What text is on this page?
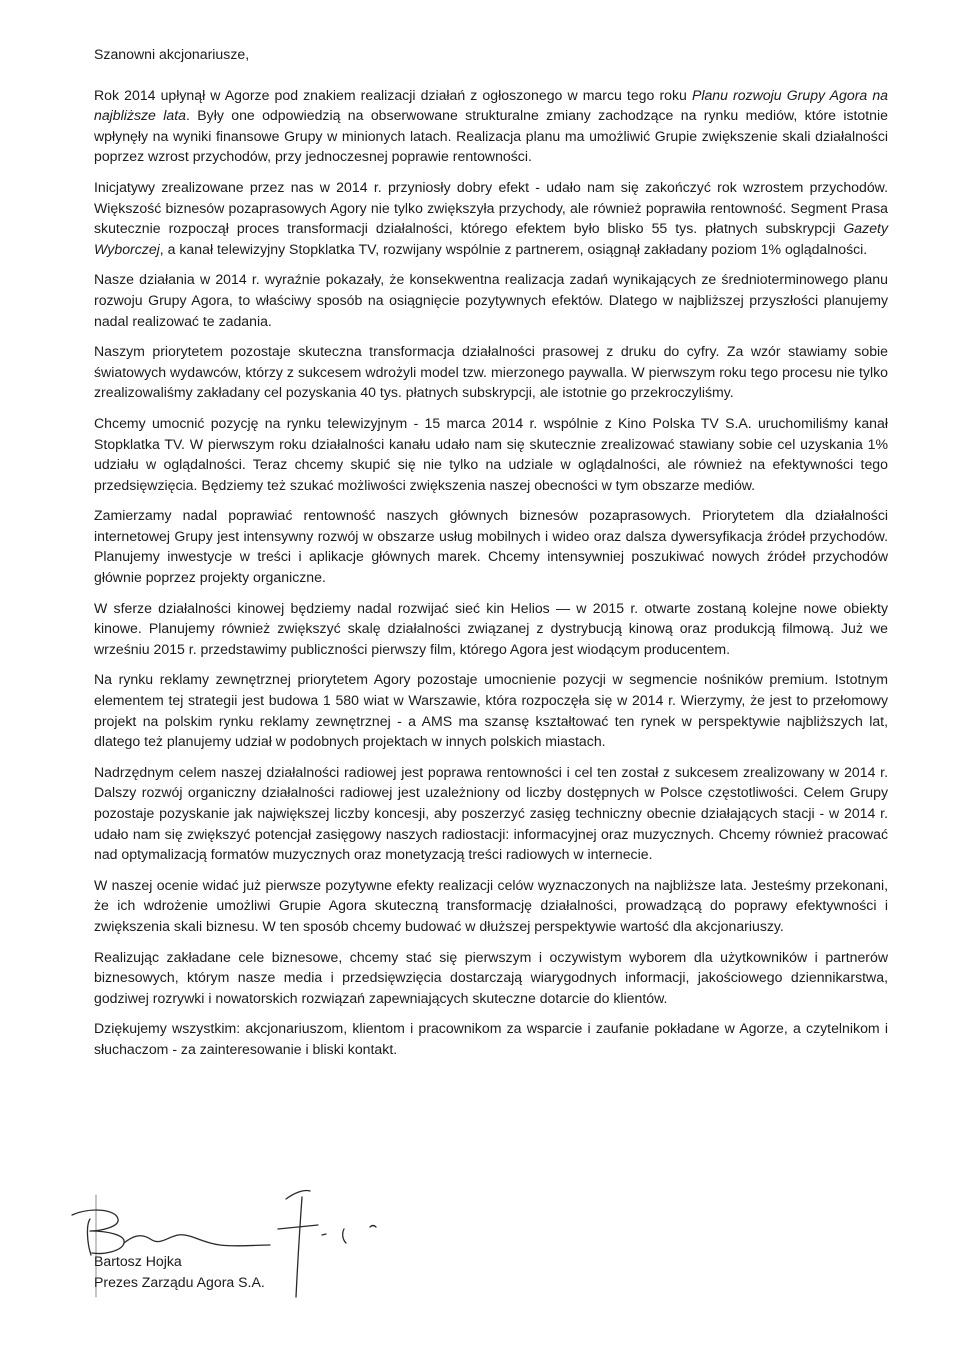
Szanowni akcjonariusze,

Rok 2014 upłynął w Agorze pod znakiem realizacji działań z ogłoszonego w marcu tego roku Planu rozwoju Grupy Agora na najbliższe lata. Były one odpowiedzią na obserwowane strukturalne zmiany zachodzące na rynku mediów, które istotnie wpłynęły na wyniki finansowe Grupy w minionych latach. Realizacja planu ma umożliwić Grupie zwiększenie skali działalności poprzez wzrost przychodów, przy jednoczesnej poprawie rentowności.

Inicjatywy zrealizowane przez nas w 2014 r. przyniosły dobry efekt - udało nam się zakończyć rok wzrostem przychodów. Większość biznesów pozaprasowych Agory nie tylko zwiększyła przychody, ale również poprawiła rentowność. Segment Prasa skutecznie rozpoczął proces transformacji działalności, którego efektem było blisko 55 tys. płatnych subskrypcji Gazety Wyborczej, a kanał telewizyjny Stopklatka TV, rozwijany wspólnie z partnerem, osiągnął zakładany poziom 1% oglądalności.

Nasze działania w 2014 r. wyraźnie pokazały, że konsekwentna realizacja zadań wynikających ze średnioterminowego planu rozwoju Grupy Agora, to właściwy sposób na osiągnięcie pozytywnych efektów. Dlatego w najbliższej przyszłości planujemy nadal realizować te zadania.

Naszym priorytetem pozostaje skuteczna transformacja działalności prasowej z druku do cyfry. Za wzór stawiamy sobie światowych wydawców, którzy z sukcesem wdrożyli model tzw. mierzonego paywalla. W pierwszym roku tego procesu nie tylko zrealizowaliśmy zakładany cel pozyskania 40 tys. płatnych subskrypcji, ale istotnie go przekroczyliśmy.

Chcemy umocnić pozycję na rynku telewizyjnym - 15 marca 2014 r. wspólnie z Kino Polska TV S.A. uruchomiliśmy kanał Stopklatka TV. W pierwszym roku działalności kanału udało nam się skutecznie zrealizować stawiany sobie cel uzyskania 1% udziału w oglądalności. Teraz chcemy skupić się nie tylko na udziale w oglądalności, ale również na efektywności tego przedsięwzięcia. Będziemy też szukać możliwości zwiększenia naszej obecności w tym obszarze mediów.

Zamierzamy nadal poprawiać rentowność naszych głównych biznesów pozaprasowych. Priorytetem dla działalności internetowej Grupy jest intensywny rozwój w obszarze usług mobilnych i wideo oraz dalsza dywersyfikacja źródeł przychodów. Planujemy inwestycje w treści i aplikacje głównych marek. Chcemy intensywniej poszukiwać nowych źródeł przychodów głównie poprzez projekty organiczne.

W sferze działalności kinowej będziemy nadal rozwijać sieć kin Helios — w 2015 r. otwarte zostaną kolejne nowe obiekty kinowe. Planujemy również zwiększyć skalę działalności związanej z dystrybucją kinową oraz produkcją filmową. Już we wrześniu 2015 r. przedstawimy publiczności pierwszy film, którego Agora jest wiodącym producentem.

Na rynku reklamy zewnętrznej priorytetem Agory pozostaje umocnienie pozycji w segmencie nośników premium. Istotnym elementem tej strategii jest budowa 1 580 wiat w Warszawie, która rozpoczęła się w 2014 r. Wierzymy, że jest to przełomowy projekt na polskim rynku reklamy zewnętrznej - a AMS ma szansę kształtować ten rynek w perspektywie najbliższych lat, dlatego też planujemy udział w podobnych projektach w innych polskich miastach.

Nadrzędnym celem naszej działalności radiowej jest poprawa rentowności i cel ten został z sukcesem zrealizowany w 2014 r. Dalszy rozwój organiczny działalności radiowej jest uzależniony od liczby dostępnych w Polsce częstotliwości. Celem Grupy pozostaje pozyskanie jak największej liczby koncesji, aby poszerzyć zasięg techniczny obecnie działających stacji - w 2014 r. udało nam się zwiększyć potencjał zasięgowy naszych radiostacji: informacyjnej oraz muzycznych. Chcemy również pracować nad optymalizacją formatów muzycznych oraz monetyzacją treści radiowych w internecie.

W naszej ocenie widać już pierwsze pozytywne efekty realizacji celów wyznaczonych na najbliższe lata. Jesteśmy przekonani, że ich wdrożenie umożliwi Grupie Agora skuteczną transformację działalności, prowadzącą do poprawy efektywności i zwiększenia skali biznesu. W ten sposób chcemy budować w dłuższej perspektywie wartość dla akcjonariuszy.

Realizując zakładane cele biznesowe, chcemy stać się pierwszym i oczywistym wyborem dla użytkowników i partnerów biznesowych, którym nasze media i przedsięwzięcia dostarczają wiarygodnych informacji, jakościowego dziennikarstwa, godziwej rozrywki i nowatorskich rozwiązań zapewniających skuteczne dotarcie do klientów.

Dziękujemy wszystkim: akcjonariuszom, klientom i pracownikom za wsparcie i zaufanie pokładane w Agorze, a czytelnikom i słuchaczom - za zainteresowanie i bliski kontakt.

Bartosz Hojka
Prezes Zarządu Agora S.A.
